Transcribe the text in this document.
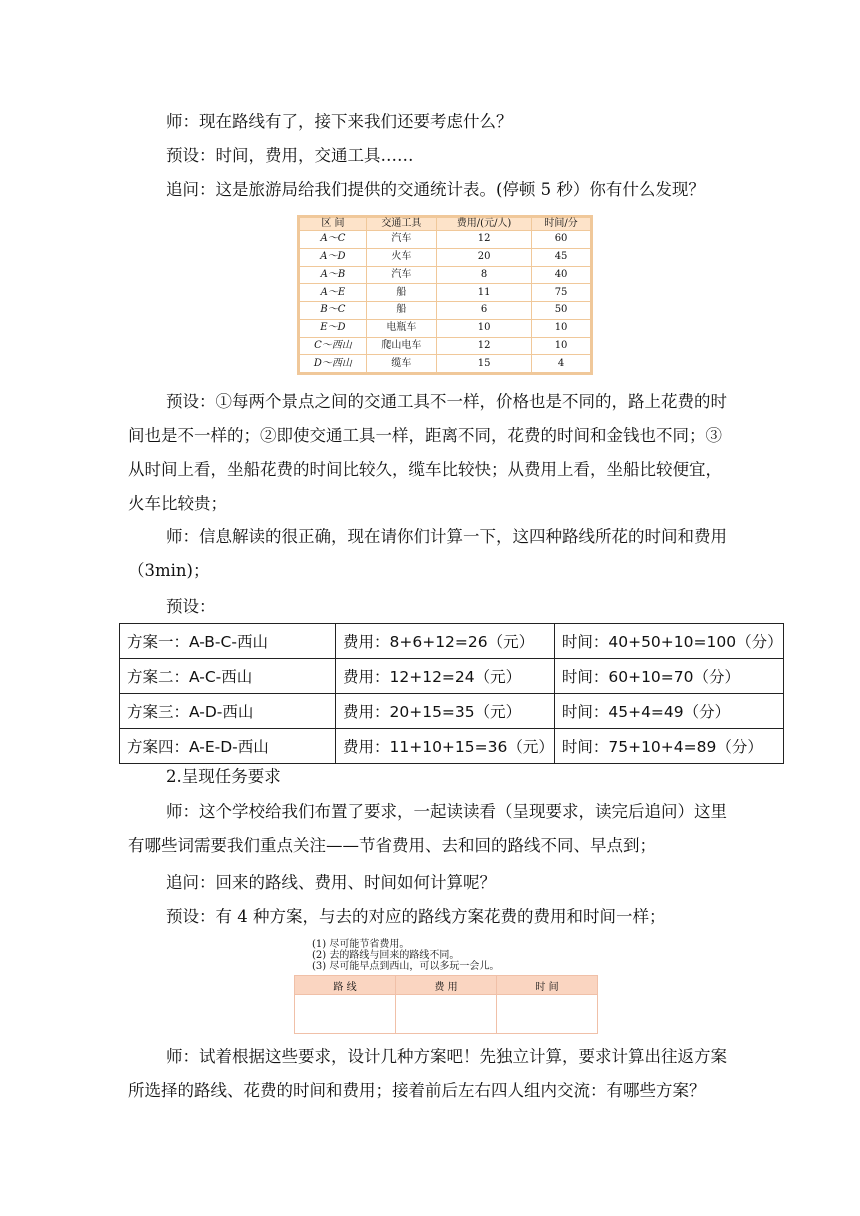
师：现在路线有了，接下来我们还要考虑什么？
预设：时间，费用，交通工具……
追问：这是旅游局给我们提供的交通统计表。(停顿 5 秒）你有什么发现？
区 间	交通工具	费用/(元/人)	时间/分
A～C	汽车	12	60
A～D	火车	20	45
A～B	汽车	8	40
A～E	船	11	75
B～C	船	6	50
E～D	电瓶车	10	10
C～西山	爬山电车	12	10
D～西山	缆车	15	4
预设：①每两个景点之间的交通工具不一样，价格也是不同的，路上花费的时间也是不一样的；②即使交通工具一样，距离不同，花费的时间和金钱也不同；③从时间上看，坐船花费的时间比较久，缆车比较快；从费用上看，坐船比较便宜，火车比较贵；
师：信息解读的很正确，现在请你们计算一下，这四种路线所花的时间和费用（3min)；
预设：
方案一：A-B-C-西山	费用：8+6+12=26（元）	时间：40+50+10=100（分）
方案二：A-C-西山	费用：12+12=24（元）	时间：60+10=70（分）
方案三：A-D-西山	费用：20+15=35（元）	时间：45+4=49（分）
方案四：A-E-D-西山	费用：11+10+15=36（元）	时间：75+10+4=89（分）
2.呈现任务要求
师：这个学校给我们布置了要求，一起读读看（呈现要求，读完后追问）这里有哪些词需要我们重点关注——节省费用、去和回的路线不同、早点到；
追问：回来的路线、费用、时间如何计算呢？
预设：有 4 种方案，与去的对应的路线方案花费的费用和时间一样；
(1) 尽可能节省费用。
(2) 去的路线与回来的路线不同。
(3) 尽可能早点到西山，可以多玩一会儿。
路 线	费 用	时 间

师：试着根据这些要求，设计几种方案吧！先独立计算，要求计算出往返方案所选择的路线、花费的时间和费用；接着前后左右四人组内交流：有哪些方案？
